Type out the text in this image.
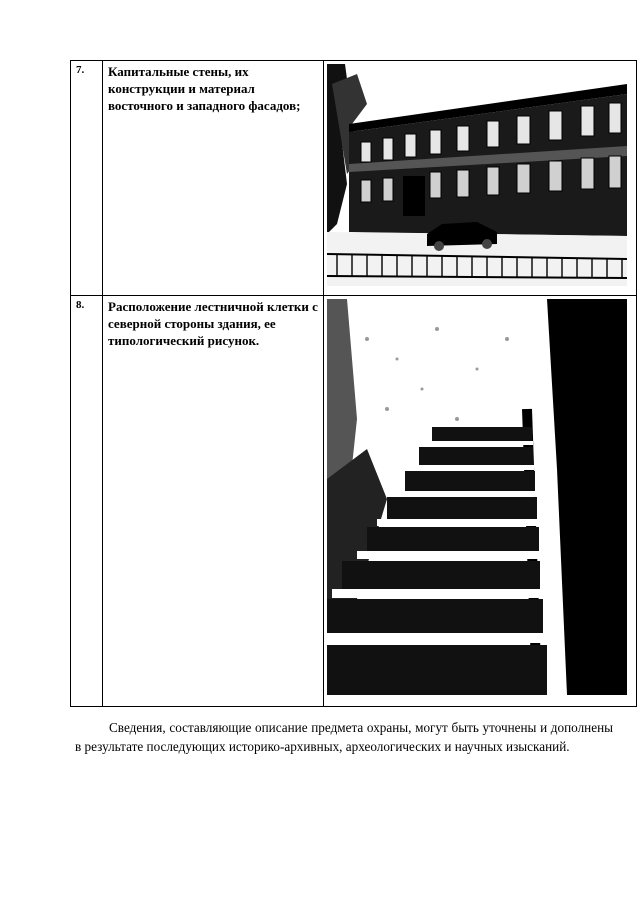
7.	Капитальные стены, их конструкции и материал восточного и западного фасадов;	

8.	Расположение лестничной клетки с северной стороны здания, ее типологический рисунок.	

Сведения, составляющие описание предмета охраны, могут быть уточнены и дополнены в результате последующих историко-архивных, археологических и научных изысканий.
